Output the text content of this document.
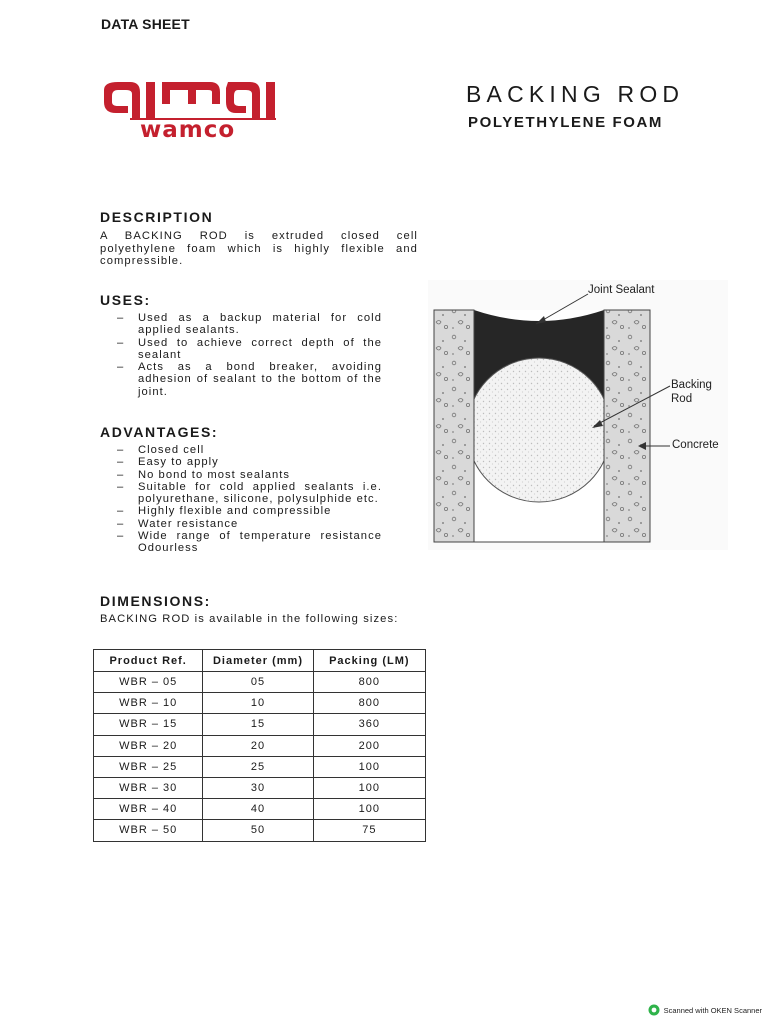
DATA SHEET
wamco
BACKING ROD
POLYETHYLENE FOAM
DESCRIPTION
A BACKING ROD is extruded closed cell polyethylene foam which is highly flexible and compressible.
USES:
– Used as a backup material for cold applied sealants.
– Used to achieve correct depth of the sealant
– Acts as a bond breaker, avoiding adhesion of sealant to the bottom of the joint.
ADVANTAGES:
– Closed cell
– Easy to apply
– No bond to most sealants
– Suitable for cold applied sealants i.e. polyurethane, silicone, polysulphide etc.
– Highly flexible and compressible
– Water resistance
– Wide range of temperature resistance Odourless
DIMENSIONS:
BACKING ROD is available in the following sizes:
Product Ref.	Diameter (mm)	Packing (LM)
WBR – 05	05	800
WBR – 10	10	800
WBR – 15	15	360
WBR – 20	20	200
WBR – 25	25	100
WBR – 30	30	100
WBR – 40	40	100
WBR – 50	50	75
Joint Sealant
Backing
Rod
Concrete
Scanned with OKEN Scanner
